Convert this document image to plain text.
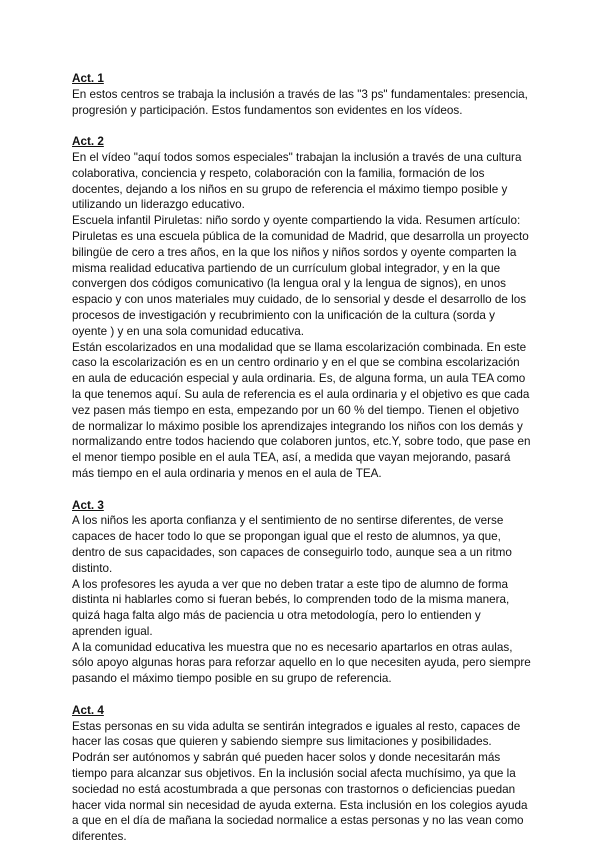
Act. 1

En estos centros se trabaja la inclusión a través de las "3 ps" fundamentales: presencia, progresión y participación. Estos fundamentos son evidentes en los vídeos.

Act. 2

En el vídeo "aquí todos somos especiales" trabajan la inclusión a través de una cultura colaborativa, conciencia y respeto, colaboración con la familia, formación de los docentes, dejando a los niños en su grupo de referencia el máximo tiempo posible y utilizando un liderazgo educativo.

Escuela infantil Piruletas: niño sordo y oyente compartiendo la vida. Resumen artículo: Piruletas es una escuela pública de la comunidad de Madrid, que desarrolla un proyecto bilingüe de cero a tres años, en la que los niños y niños sordos y oyente comparten la misma realidad educativa partiendo de un currículum global integrador, y en la que convergen dos códigos comunicativo (la lengua oral y la lengua de signos), en unos espacio y con unos materiales muy cuidado, de lo sensorial y desde el desarrollo de los procesos de investigación y recubrimiento con la unificación de la cultura (sorda y oyente ) y en una sola comunidad educativa.

Están escolarizados en una modalidad que se llama escolarización combinada. En este caso la escolarización es en un centro ordinario y en el que se combina escolarización en aula de educación especial y aula ordinaria. Es, de alguna forma, un aula TEA como la que tenemos aquí. Su aula de referencia es el aula ordinaria y el objetivo es que cada vez pasen más tiempo en esta, empezando por un 60 % del tiempo. Tienen el objetivo de normalizar lo máximo posible los aprendizajes integrando los niños con los demás y normalizando entre todos haciendo que colaboren juntos, etc.Y, sobre todo, que pase en el menor tiempo posible en el aula TEA, así, a medida que vayan mejorando, pasará más tiempo en el aula ordinaria y menos en el aula de TEA.

Act. 3

A los niños les aporta confianza y el sentimiento de no sentirse diferentes, de verse capaces de hacer todo lo que se propongan igual que el resto de alumnos, ya que, dentro de sus capacidades, son capaces de conseguirlo todo, aunque sea a un ritmo distinto.

A los profesores les ayuda a ver que no deben tratar a este tipo de alumno de forma distinta ni hablarles como si fueran bebés, lo comprenden todo de la misma manera, quizá haga falta algo más de paciencia u otra metodología, pero lo entienden y aprenden igual.

A la comunidad educativa les muestra que no es necesario apartarlos en otras aulas, sólo apoyo algunas horas para reforzar aquello en lo que necesiten ayuda, pero siempre pasando el máximo tiempo posible en su grupo de referencia.

Act. 4

Estas personas en su vida adulta se sentirán integrados e iguales al resto, capaces de hacer las cosas que quieren y sabiendo siempre sus limitaciones y posibilidades. Podrán ser autónomos y sabrán qué pueden hacer solos y donde necesitarán más tiempo para alcanzar sus objetivos. En la inclusión social afecta muchísimo, ya que la sociedad no está acostumbrada a que personas con trastornos o deficiencias puedan hacer vida normal sin necesidad de ayuda externa. Esta inclusión en los colegios ayuda a que en el día de mañana la sociedad normalice a estas personas y no las vean como diferentes.
